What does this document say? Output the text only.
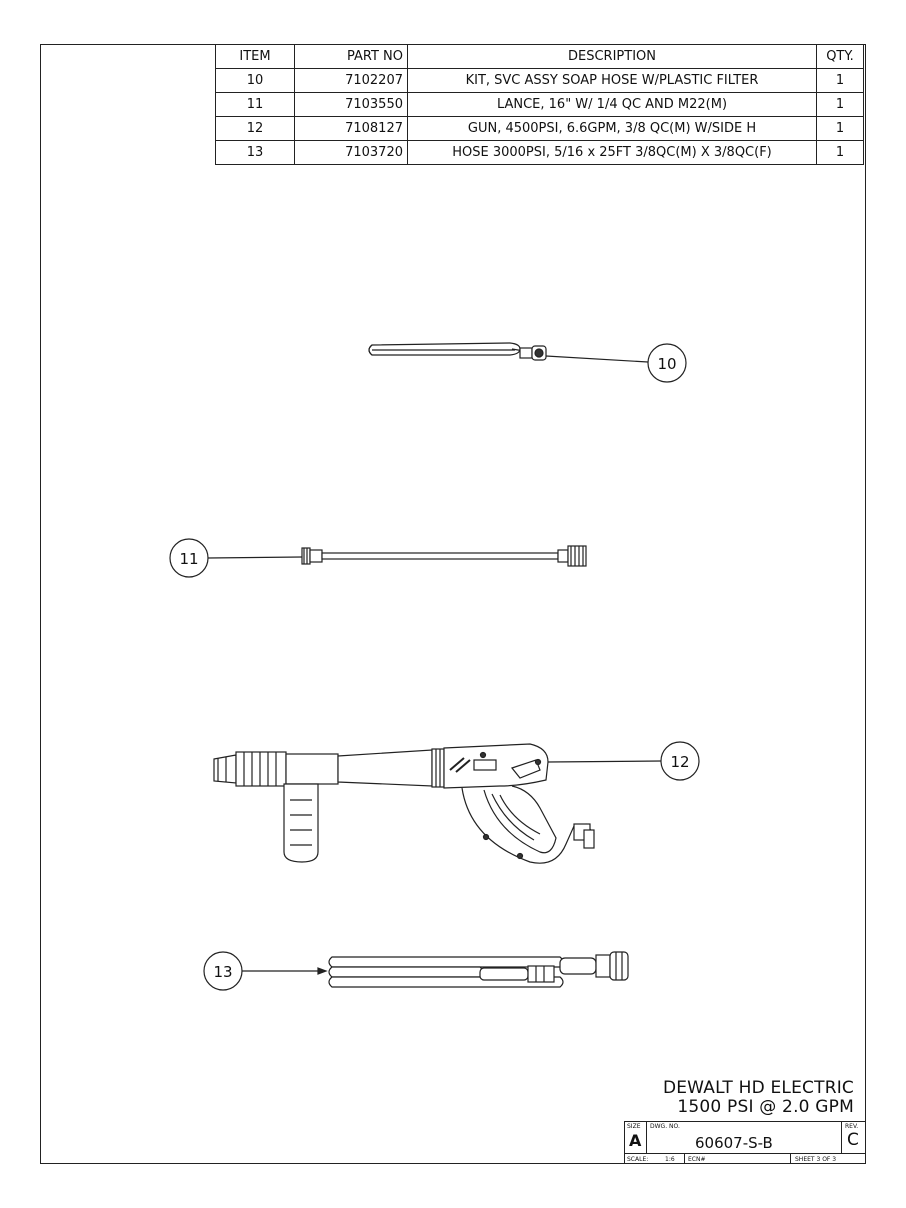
ITEM	PART NO	DESCRIPTION	QTY.
10	7102207	KIT, SVC ASSY SOAP HOSE W/PLASTIC FILTER	1
11	7103550	LANCE, 16" W/ 1/4 QC AND M22(M)	1
12	7108127	GUN, 4500PSI, 6.6GPM, 3/8 QC(M) W/SIDE H	1
13	7103720	HOSE 3000PSI, 5/16 x 25FT 3/8QC(M) X 3/8QC(F)	1
10
11
12
13
DEWALT HD ELECTRIC
1500 PSI @ 2.0 GPM
SIZE
A
DWG. NO.
60607-S-B
REV.
C
SCALE:	1:6 ECN#	SHEET 3 OF 3
